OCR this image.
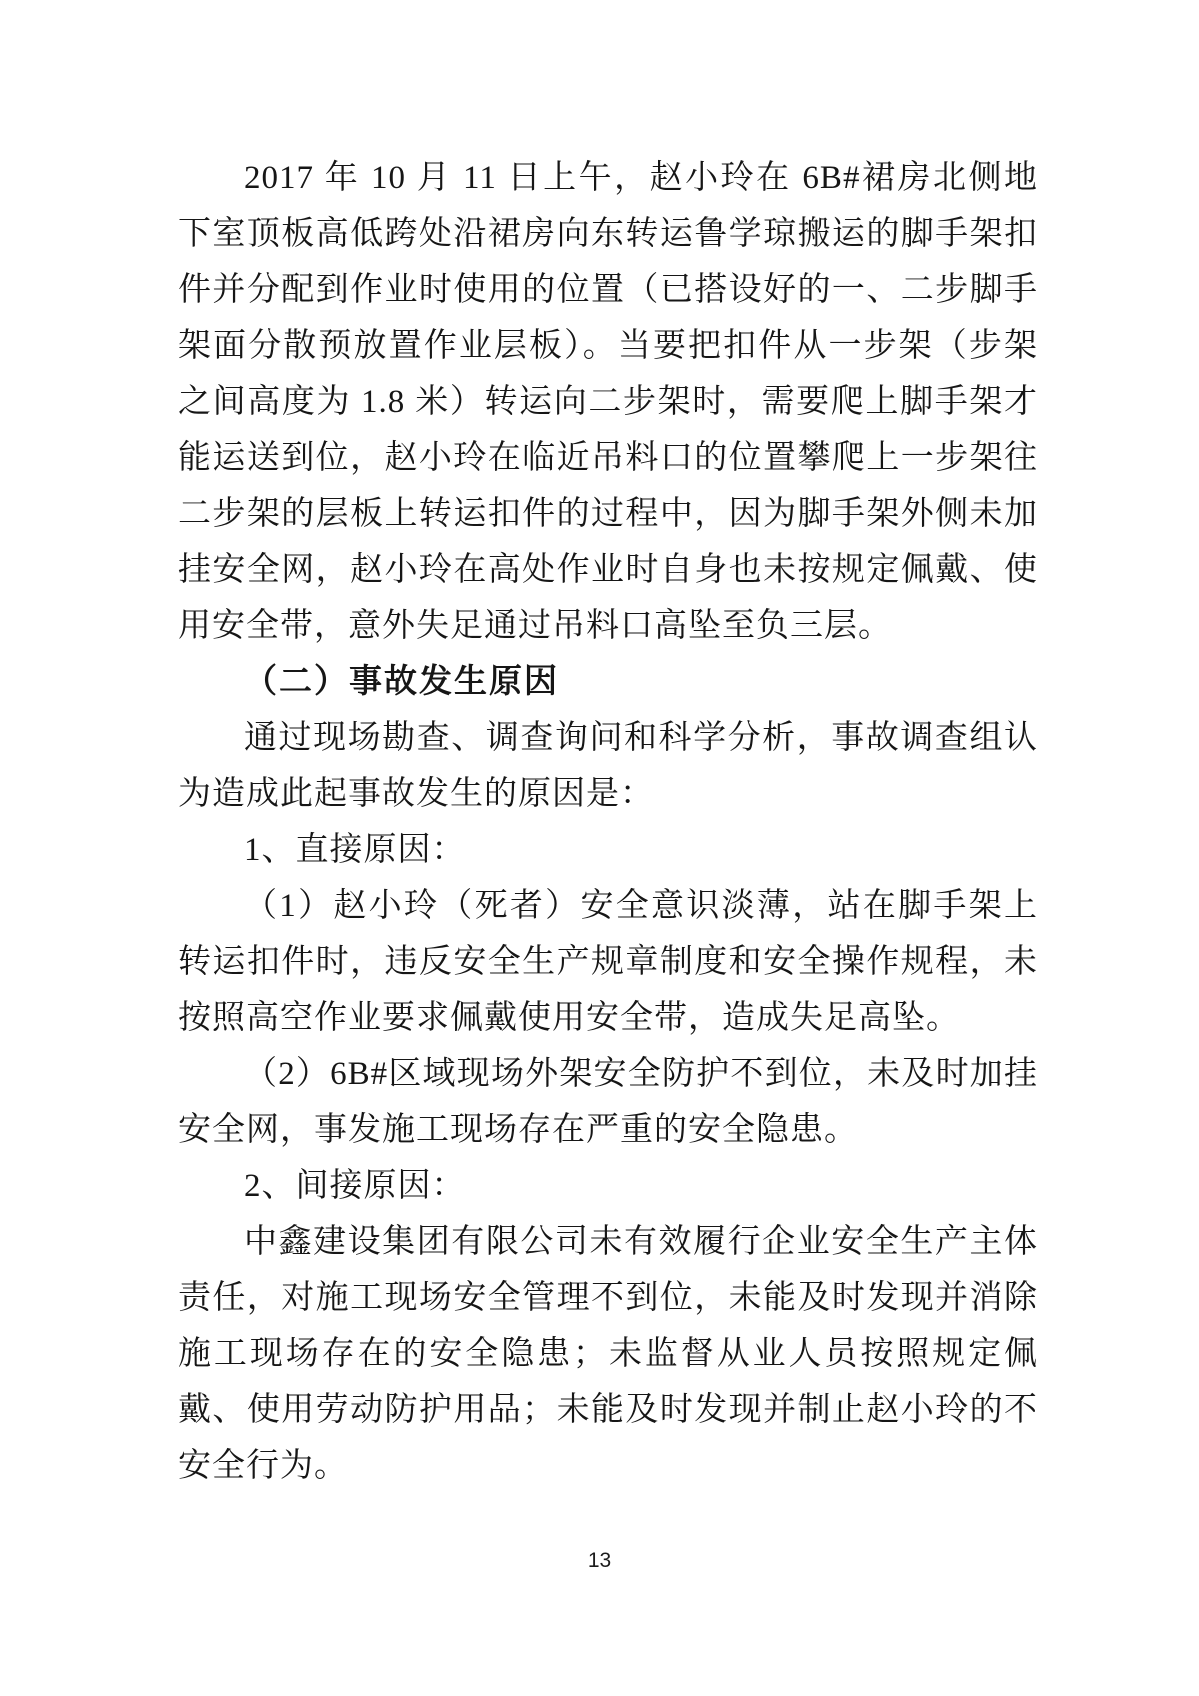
2017 年 10 月 11 日上午，赵小玲在 6B#裙房北侧地下室顶板高低跨处沿裙房向东转运鲁学琼搬运的脚手架扣件并分配到作业时使用的位置（已搭设好的一、二步脚手架面分散预放置作业层板）。当要把扣件从一步架（步架之间高度为 1.8 米）转运向二步架时，需要爬上脚手架才能运送到位，赵小玲在临近吊料口的位置攀爬上一步架往二步架的层板上转运扣件的过程中，因为脚手架外侧未加挂安全网，赵小玲在高处作业时自身也未按规定佩戴、使用安全带，意外失足通过吊料口高坠至负三层。

（二）事故发生原因

通过现场勘查、调查询问和科学分析，事故调查组认为造成此起事故发生的原因是：

1、直接原因：

（1）赵小玲（死者）安全意识淡薄，站在脚手架上转运扣件时，违反安全生产规章制度和安全操作规程，未按照高空作业要求佩戴使用安全带，造成失足高坠。

（2）6B#区域现场外架安全防护不到位，未及时加挂安全网，事发施工现场存在严重的安全隐患。

2、间接原因：

中鑫建设集团有限公司未有效履行企业安全生产主体责任，对施工现场安全管理不到位，未能及时发现并消除施工现场存在的安全隐患；未监督从业人员按照规定佩戴、使用劳动防护用品；未能及时发现并制止赵小玲的不安全行为。

13
